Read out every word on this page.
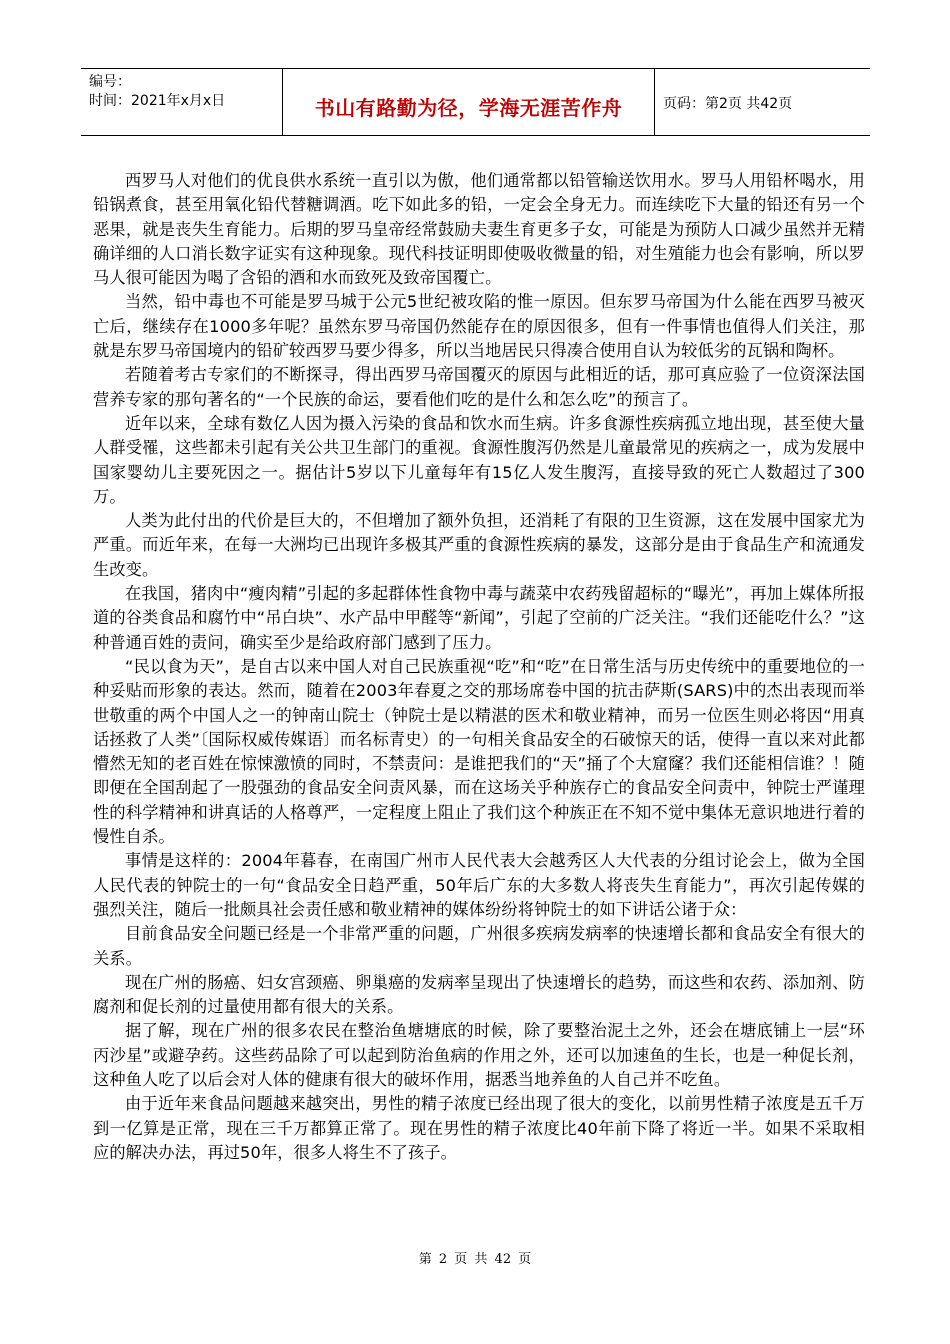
编号：
时间：2021年x月x日	书山有路勤为径，学海无涯苦作舟	页码：第2页 共42页

西罗马人对他们的优良供水系统一直引以为傲，他们通常都以铅管输送饮用水。罗马人用铅杯喝水，用铅锅煮食，甚至用氧化铅代替糖调酒。吃下如此多的铅，一定会全身无力。而连续吃下大量的铅还有另一个恶果，就是丧失生育能力。后期的罗马皇帝经常鼓励夫妻生育更多子女，可能是为预防人口减少虽然并无精确详细的人口消长数字证实有这种现象。现代科技证明即使吸收微量的铅，对生殖能力也会有影响，所以罗马人很可能因为喝了含铅的酒和水而致死及致帝国覆亡。

当然，铅中毒也不可能是罗马城于公元5世纪被攻陷的惟一原因。但东罗马帝国为什么能在西罗马被灭亡后，继续存在1000多年呢？虽然东罗马帝国仍然能存在的原因很多，但有一件事情也值得人们关注，那就是东罗马帝国境内的铅矿较西罗马要少得多，所以当地居民只得凑合使用自认为较低劣的瓦锅和陶杯。

若随着考古专家们的不断探寻，得出西罗马帝国覆灭的原因与此相近的话，那可真应验了一位资深法国营养专家的那句著名的“一个民族的命运，要看他们吃的是什么和怎么吃”的预言了。

近年以来，全球有数亿人因为摄入污染的食品和饮水而生病。许多食源性疾病孤立地出现，甚至使大量人群受罹，这些都未引起有关公共卫生部门的重视。食源性腹泻仍然是儿童最常见的疾病之一，成为发展中国家婴幼儿主要死因之一。据估计5岁以下儿童每年有15亿人发生腹泻，直接导致的死亡人数超过了300万。

人类为此付出的代价是巨大的，不但增加了额外负担，还消耗了有限的卫生资源，这在发展中国家尤为严重。而近年来，在每一大洲均已出现许多极其严重的食源性疾病的暴发，这部分是由于食品生产和流通发生改变。

在我国，猪肉中“瘦肉精”引起的多起群体性食物中毒与蔬菜中农药残留超标的“曝光”，再加上媒体所报道的谷类食品和腐竹中“吊白块”、水产品中甲醛等“新闻”，引起了空前的广泛关注。“我们还能吃什么？”这种普通百姓的责问，确实至少是给政府部门感到了压力。

“民以食为天”，是自古以来中国人对自己民族重视“吃”和“吃”在日常生活与历史传统中的重要地位的一种妥贴而形象的表达。然而，随着在2003年春夏之交的那场席卷中国的抗击萨斯(SARS)中的杰出表现而举世敬重的两个中国人之一的钟南山院士（钟院士是以精湛的医术和敬业精神，而另一位医生则必将因“用真话拯救了人类”〔国际权威传媒语〕而名标青史）的一句相关食品安全的石破惊天的话，使得一直以来对此都懵然无知的老百姓在惊悚激愤的同时，不禁责问：是谁把我们的“天”捅了个大窟窿？我们还能相信谁？！随即便在全国刮起了一股强劲的食品安全问责风暴，而在这场关乎种族存亡的食品安全问责中，钟院士严谨理性的科学精神和讲真话的人格尊严，一定程度上阻止了我们这个种族正在不知不觉中集体无意识地进行着的慢性自杀。

事情是这样的：2004年暮春，在南国广州市人民代表大会越秀区人大代表的分组讨论会上，做为全国人民代表的钟院士的一句“食品安全日趋严重，50年后广东的大多数人将丧失生育能力”，再次引起传媒的强烈关注，随后一批颇具社会责任感和敬业精神的媒体纷纷将钟院士的如下讲话公诸于众：

目前食品安全问题已经是一个非常严重的问题，广州很多疾病发病率的快速增长都和食品安全有很大的关系。

现在广州的肠癌、妇女宫颈癌、卵巢癌的发病率呈现出了快速增长的趋势，而这些和农药、添加剂、防腐剂和促长剂的过量使用都有很大的关系。

据了解，现在广州的很多农民在整治鱼塘塘底的时候，除了要整治泥土之外，还会在塘底铺上一层“环丙沙星”或避孕药。这些药品除了可以起到防治鱼病的作用之外，还可以加速鱼的生长，也是一种促长剂，这种鱼人吃了以后会对人体的健康有很大的破坏作用，据悉当地养鱼的人自己并不吃鱼。

由于近年来食品问题越来越突出，男性的精子浓度已经出现了很大的变化，以前男性精子浓度是五千万到一亿算是正常，现在三千万都算正常了。现在男性的精子浓度比40年前下降了将近一半。如果不采取相应的解决办法，再过50年，很多人将生不了孩子。

第 2 页 共 42 页
